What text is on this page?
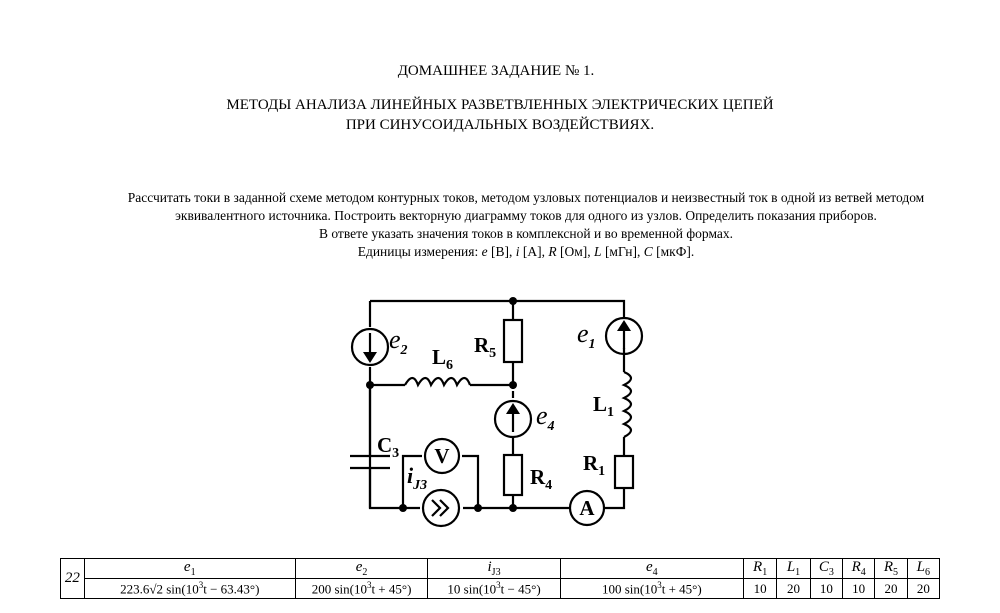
ДОМАШНЕЕ ЗАДАНИЕ № 1.
МЕТОДЫ АНАЛИЗА ЛИНЕЙНЫХ РАЗВЕТВЛЕННЫХ ЭЛЕКТРИЧЕСКИХ ЦЕПЕЙ
ПРИ СИНУСОИДАЛЬНЫХ ВОЗДЕЙСТВИЯХ.
Рассчитать токи в заданной схеме методом контурных токов, методом узловых потенциалов и неизвестный ток в одной из ветвей методом
эквивалентного источника. Построить векторную диаграмму токов для одного из узлов. Определить показания приборов.
В ответе указать значения токов в комплексной и во временной формах.
Единицы измерения: e [В], i [А], R [Ом], L [мГн], C [мкФ].
$e_2$ $L_6$
$R_5$
$e_4$
$R_4$
$e_1$
$L_1$
$R_1$
$C_3$ V
$i_{J3}$
A
22	$e_1$	$e_2$	$i_{J3}$	$e_4$	$R_1$	$L_1$	$C_3$	$R_4$	$R_5$	$L_6$
	223.6√2 $\sin(10^3t - 63.43^\circ)$	200 $\sin(10^3t + 45^\circ)$	10 $\sin(10^3t - 45^\circ)$	100 $\sin(10^3t + 45^\circ)$	10	20	10	10	20	20
